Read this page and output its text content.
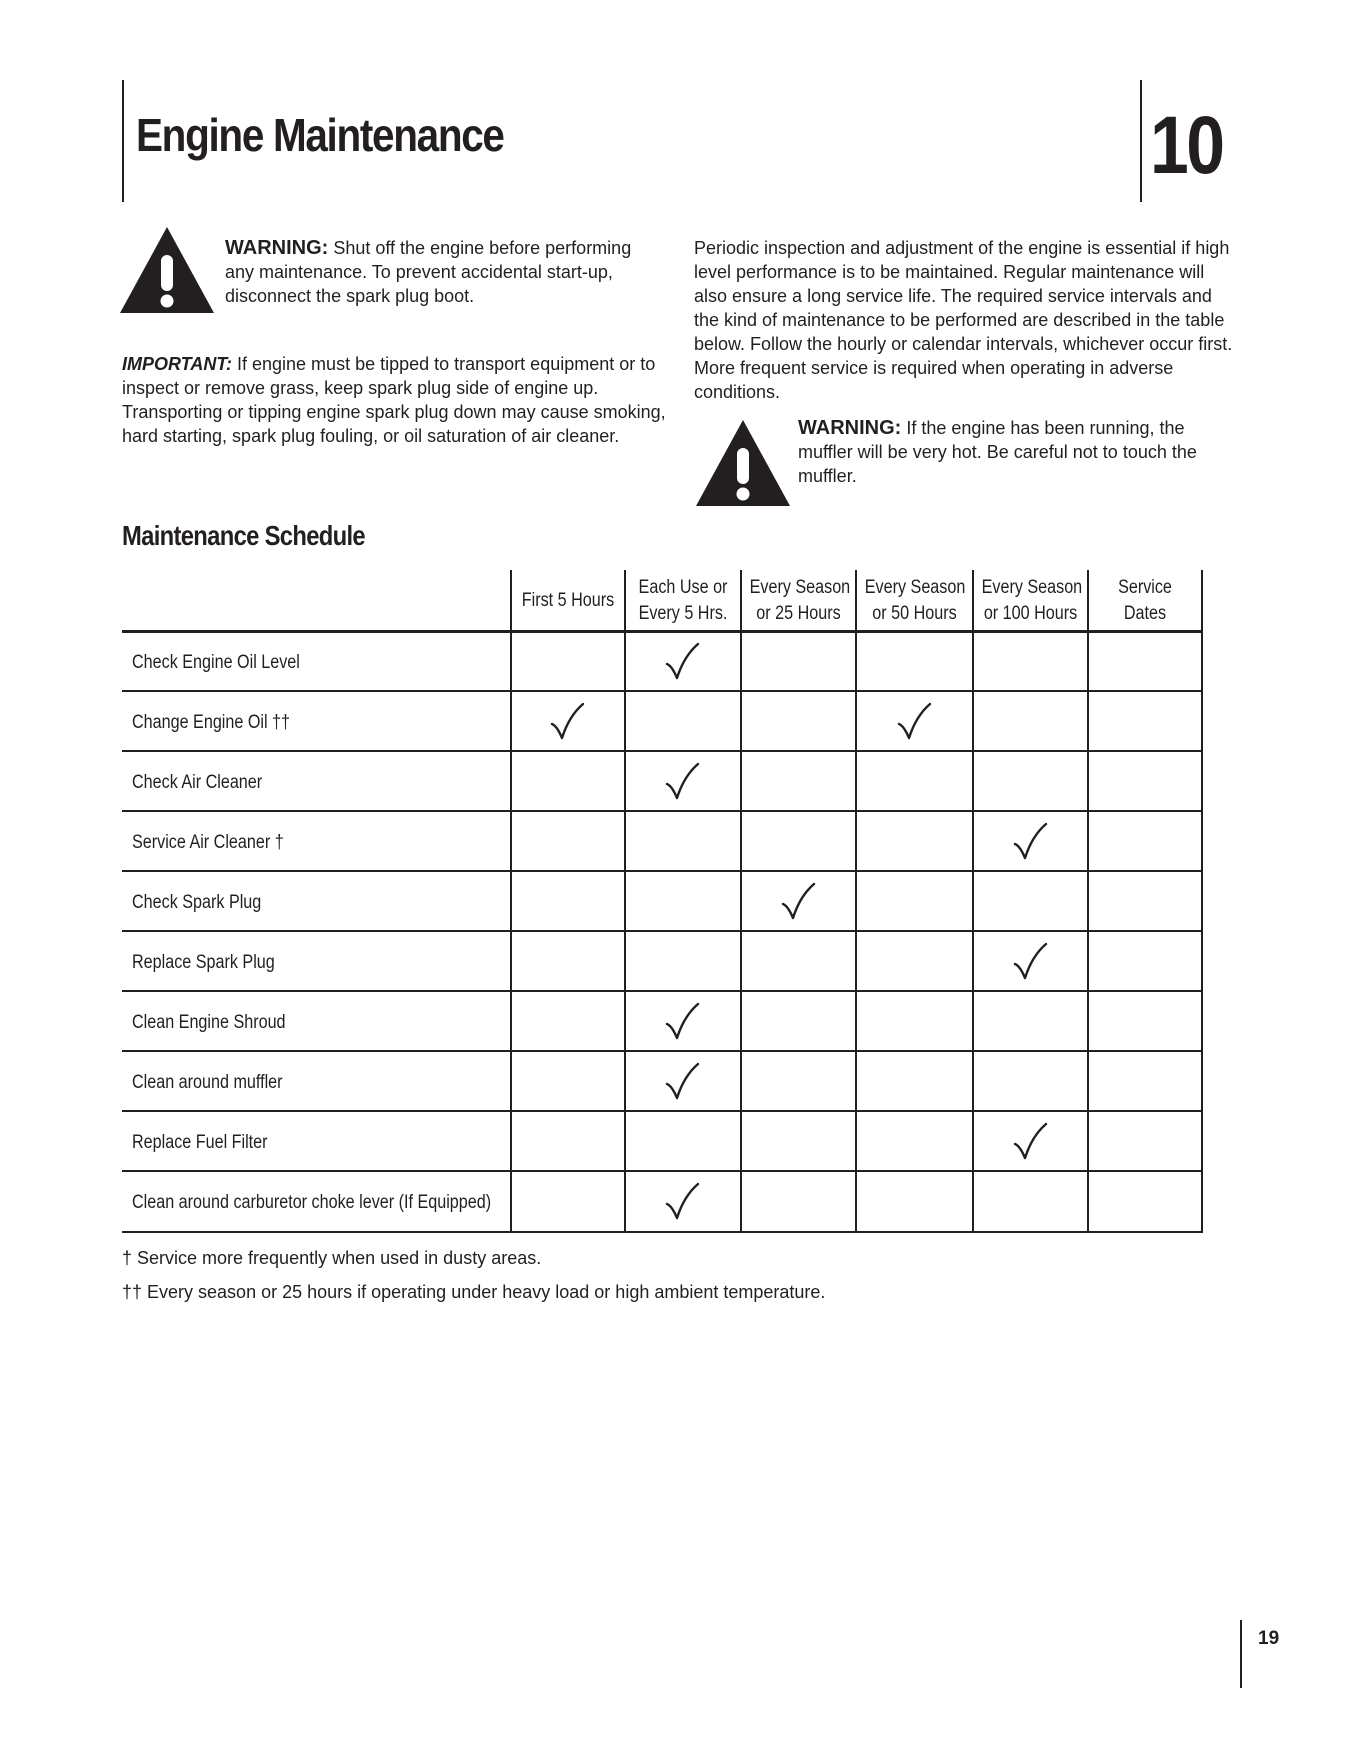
Engine Maintenance	10

WARNING: Shut off the engine before performing any maintenance. To prevent accidental start-up, disconnect the spark plug boot.

IMPORTANT: If engine must be tipped to transport equipment or to inspect or remove grass, keep spark plug side of engine up. Transporting or tipping engine spark plug down may cause smoking, hard starting, spark plug fouling, or oil saturation of air cleaner.

Periodic inspection and adjustment of the engine is essential if high level performance is to be maintained. Regular maintenance will also ensure a long service life. The required service intervals and the kind of maintenance to be performed are described in the table below. Follow the hourly or calendar intervals, whichever occur first. More frequent service is required when operating in adverse conditions.

WARNING: If the engine has been running, the muffler will be very hot. Be careful not to touch the muffler.

Maintenance Schedule
First 5 Hours
Each Use or
Every 5 Hrs.
Every Season
or 25 Hours
Every Season
or 50 Hours
Every Season
or 100 Hours
Service
Dates
Check Engine Oil Level
Change Engine Oil ††
Check Air Cleaner
Service Air Cleaner †
Check Spark Plug
Replace Spark Plug
Clean Engine Shroud
Clean around muffler
Replace Fuel Filter
Clean around carburetor choke lever (If Equipped)

† Service more frequently when used in dusty areas.

†† Every season or 25 hours if operating under heavy load or high ambient temperature.

19
